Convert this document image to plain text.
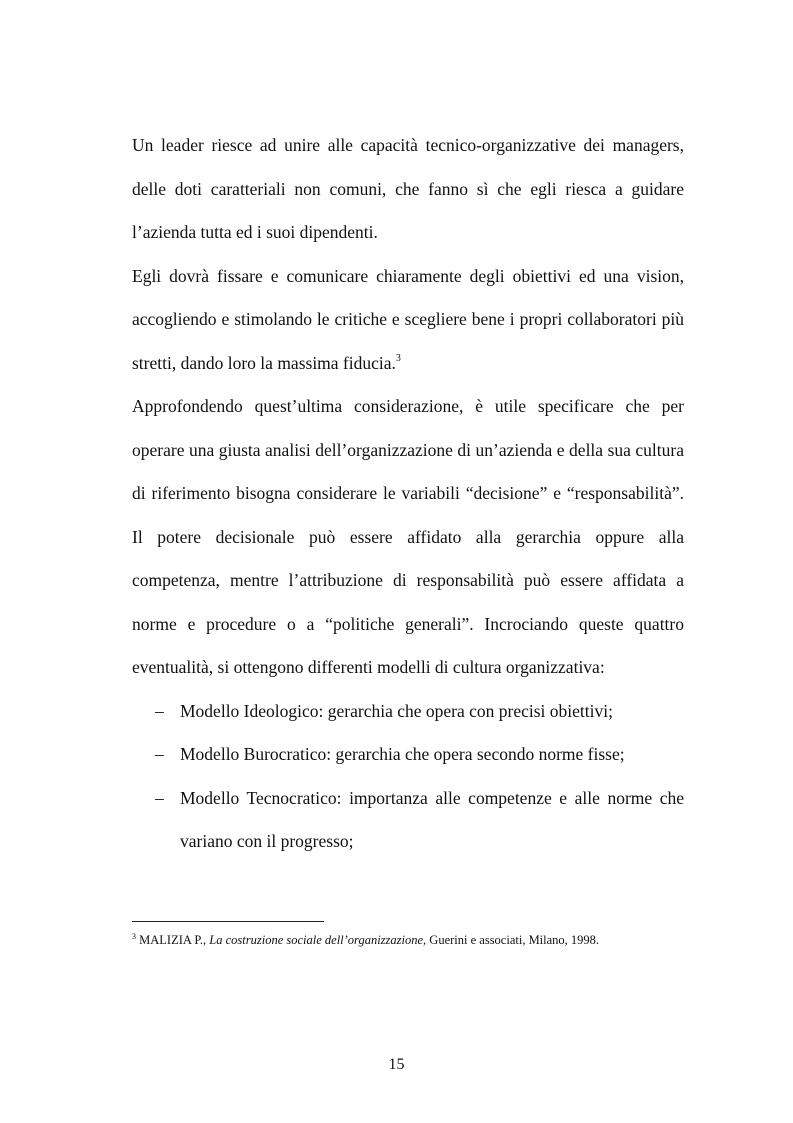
Un leader riesce ad unire alle capacità tecnico-organizzative dei managers, delle doti caratteriali non comuni, che fanno sì che egli riesca a guidare l’azienda tutta ed i suoi dipendenti.

Egli dovrà fissare e comunicare chiaramente degli obiettivi ed una vision, accogliendo e stimolando le critiche e scegliere bene i propri collaboratori più stretti, dando loro la massima fiducia.$^3$

Approfondendo quest’ultima considerazione, è utile specificare che per operare una giusta analisi dell’organizzazione di un’azienda e della sua cultura di riferimento bisogna considerare le variabili “decisione” e “responsabilità”. Il potere decisionale può essere affidato alla gerarchia oppure alla competenza, mentre l’attribuzione di responsabilità può essere affidata a norme e procedure o a “politiche generali”. Incrociando queste quattro eventualità, si ottengono differenti modelli di cultura organizzativa:

– Modello Ideologico: gerarchia che opera con precisi obiettivi;
– Modello Burocratico: gerarchia che opera secondo norme fisse;
– Modello Tecnocratico: importanza alle competenze e alle norme che variano con il progresso;
$^3$ MALIZIA P., La costruzione sociale dell’organizzazione, Guerini e associati, Milano, 1998.
15
